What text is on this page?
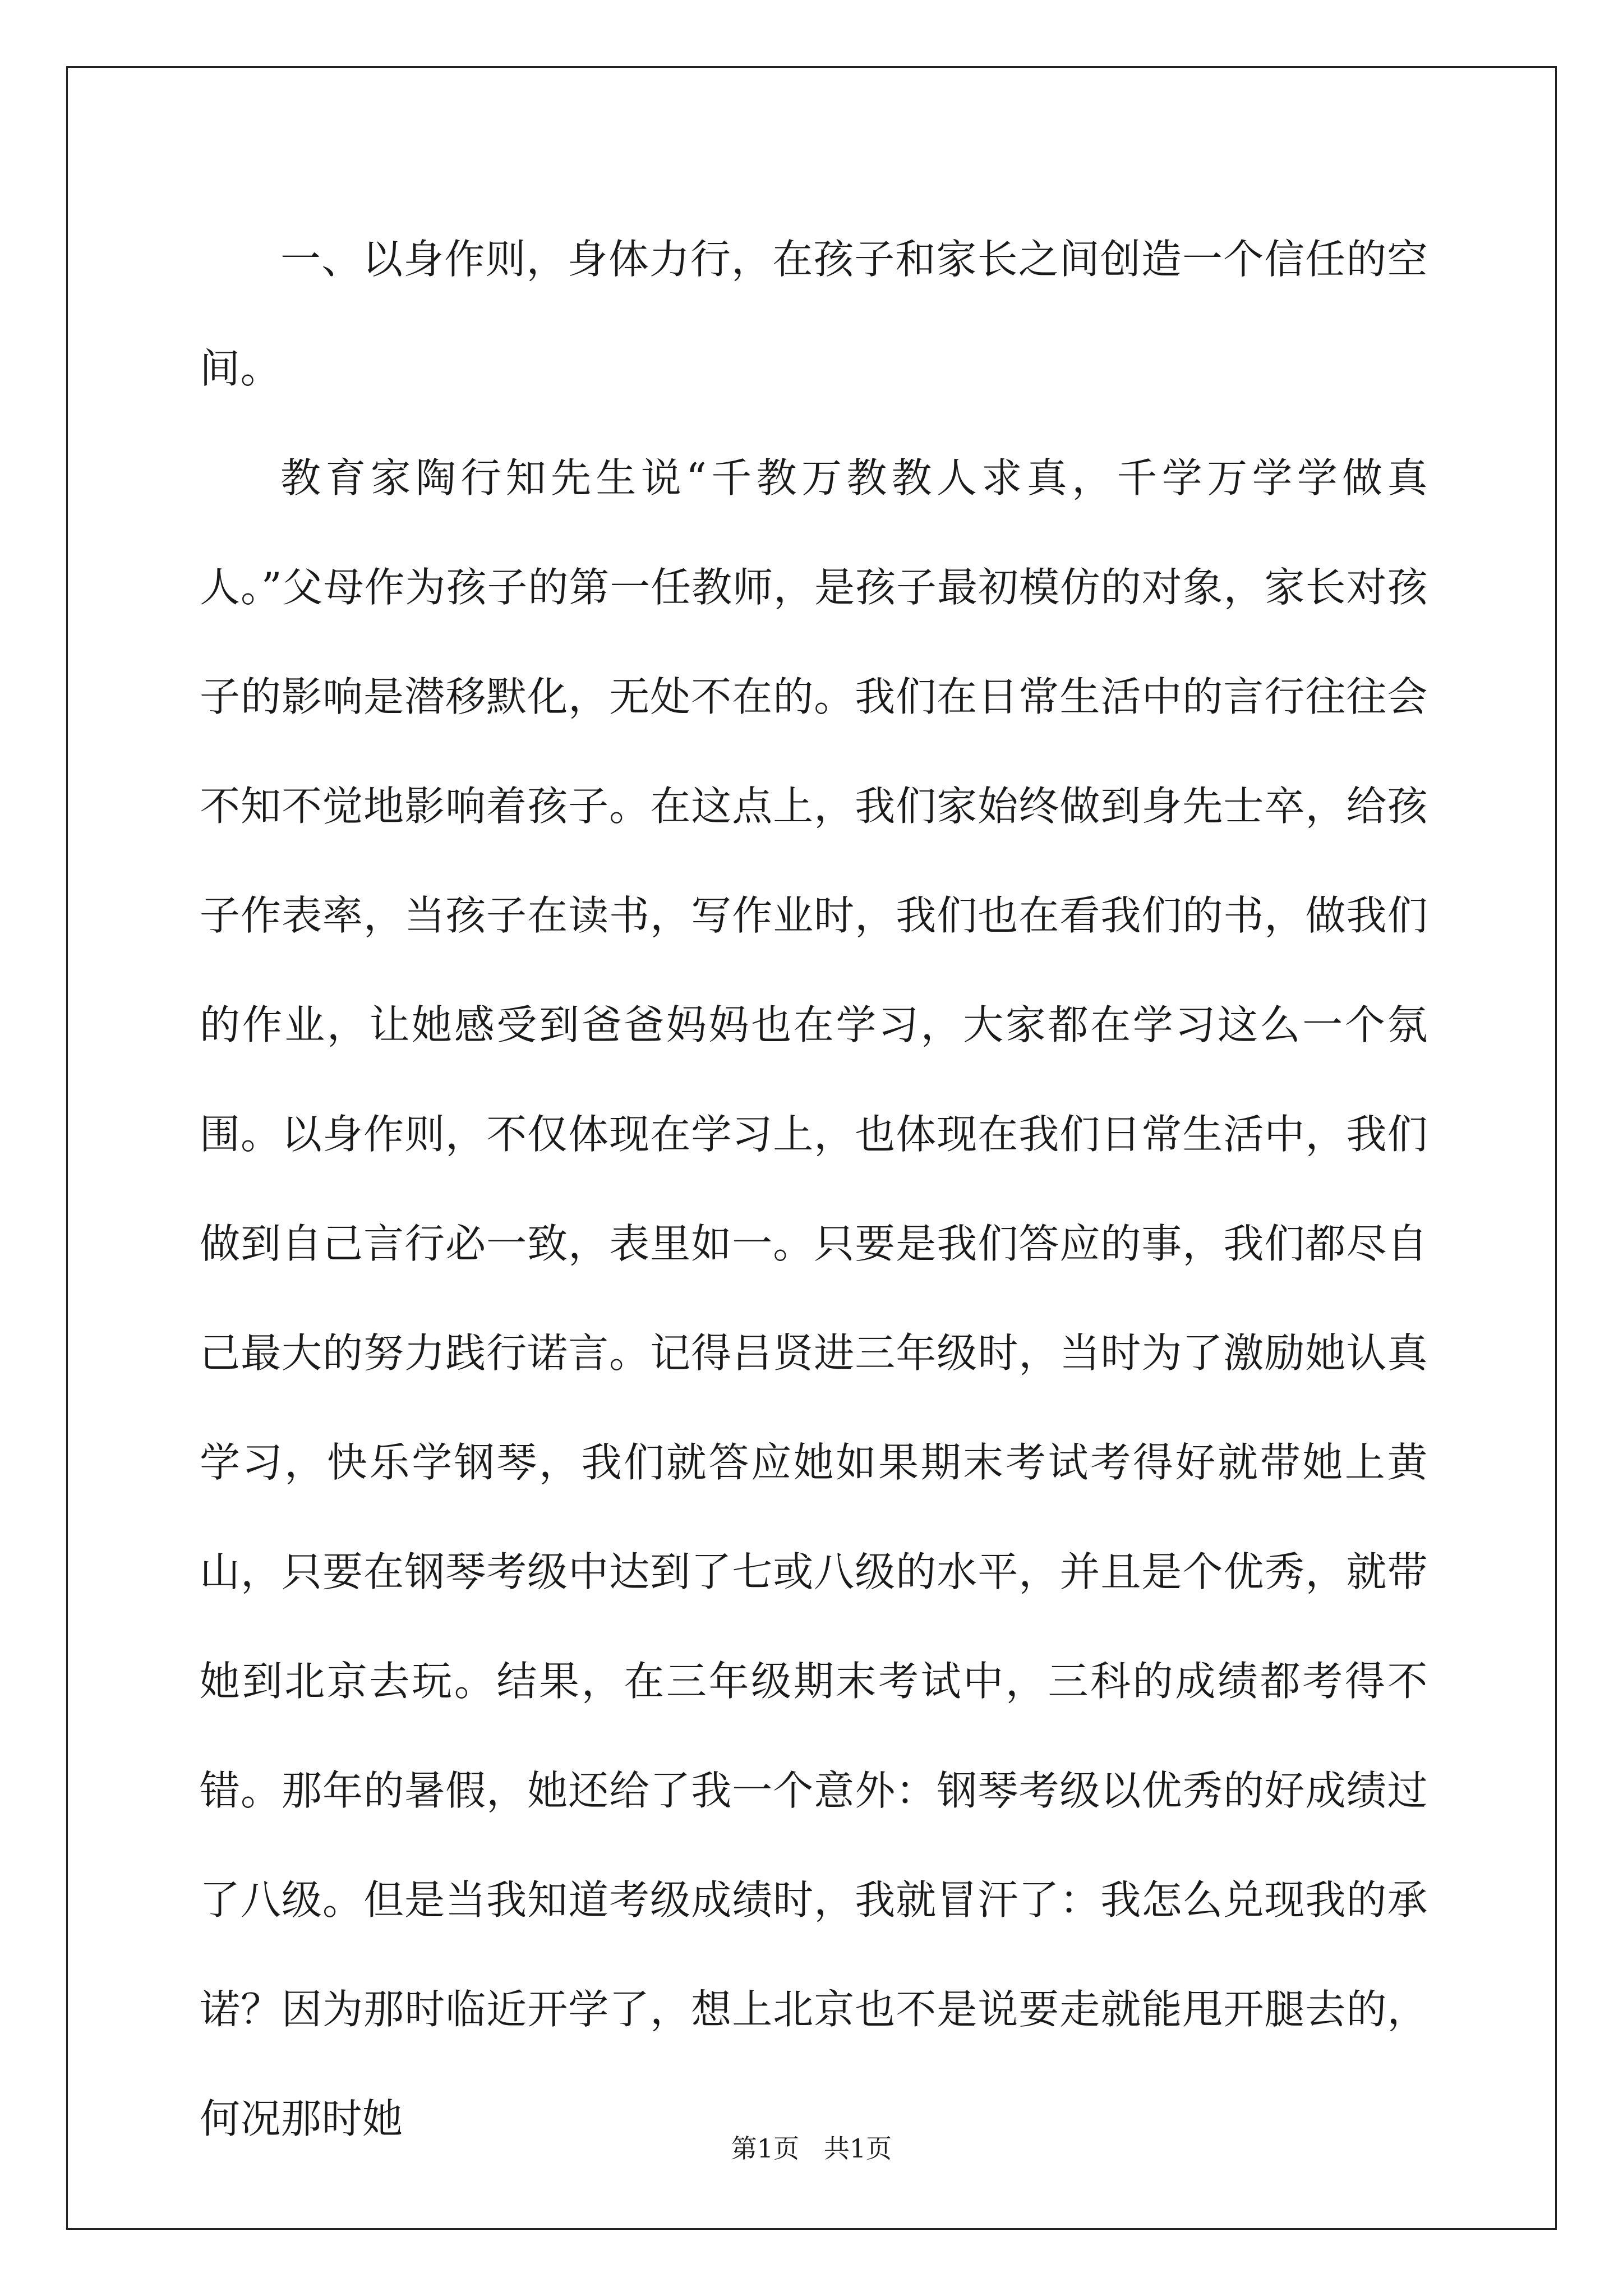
一、以身作则，身体力行，在孩子和家长之间创造一个信任的空间。

教育家陶行知先生说“千教万教教人求真，千学万学学做真人。”父母作为孩子的第一任教师，是孩子最初模仿的对象，家长对孩子的影响是潜移默化，无处不在的。我们在日常生活中的言行往往会不知不觉地影响着孩子。在这点上，我们家始终做到身先士卒，给孩子作表率，当孩子在读书，写作业时，我们也在看我们的书，做我们的作业，让她感受到爸爸妈妈也在学习，大家都在学习这么一个氛围。以身作则，不仅体现在学习上，也体现在我们日常生活中，我们做到自己言行必一致，表里如一。只要是我们答应的事，我们都尽自己最大的努力践行诺言。记得吕贤进三年级时，当时为了激励她认真学习，快乐学钢琴，我们就答应她如果期末考试考得好就带她上黄山，只要在钢琴考级中达到了七或八级的水平，并且是个优秀，就带她到北京去玩。结果，在三年级期末考试中，三科的成绩都考得不错。那年的暑假，她还给了我一个意外：钢琴考级以优秀的好成绩过了八级。但是当我知道考级成绩时，我就冒汗了：我怎么兑现我的承诺？因为那时临近开学了，想上北京也不是说要走就能甩开腿去的，何况那时她

第1页   共1页
